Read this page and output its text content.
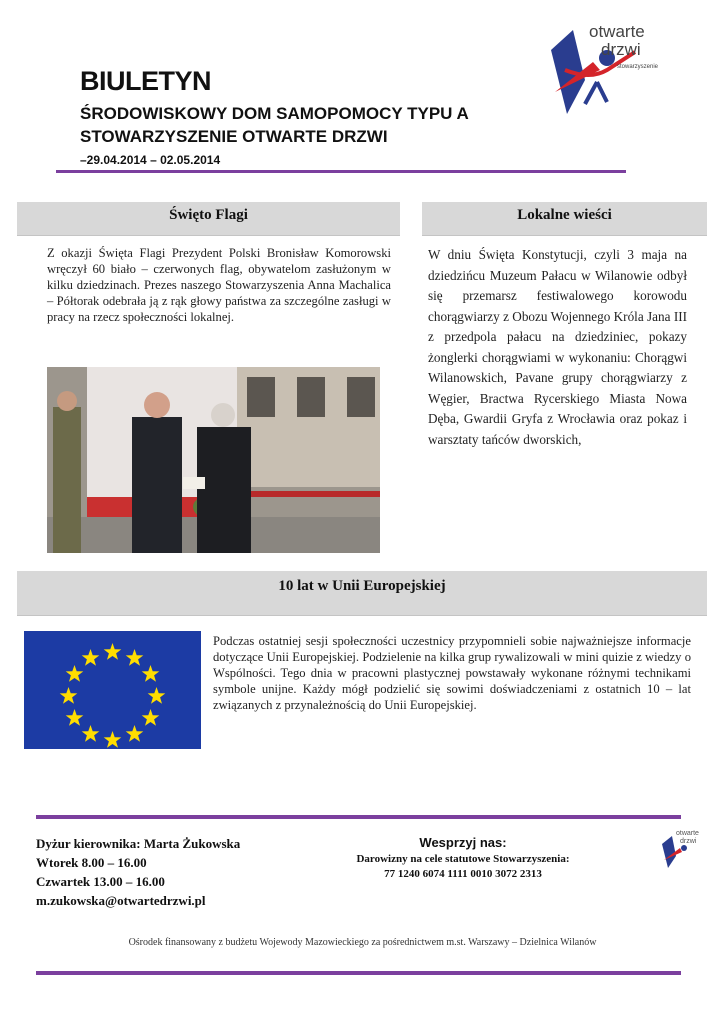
BIULETYN
ŚRODOWISKOWY DOM SAMOPOMOCY TYPU A
STOWARZYSZENIE OTWARTE DRZWI
–29.04.2014 – 02.05.2014
otwarte
drzwi
stowarzyszenie
Święto Flagi
Z okazji Święta Flagi Prezydent Polski Bronisław Komorowski wręczył 60 biało – czerwonych flag, obywatelom zasłużonym w kilku dziedzinach. Prezes naszego Stowarzyszenia Anna Machalica – Półtorak odebrała ją z rąk głowy państwa za szczególne zasługi w pracy na rzecz społeczności lokalnej.
Lokalne wieści
W dniu Święta Konstytucji, czyli 3 maja na dziedzińcu Muzeum Pałacu w Wilanowie odbył się przemarsz festiwalowego korowodu chorągwiarzy z Obozu Wojennego Króla Jana III z przedpola pałacu na dziedziniec, pokazy żonglerki chorągwiami w wykonaniu: Chorągwi Wilanowskich, Pavane grupy chorągwiarzy z Węgier, Bractwa Rycerskiego Miasta Nowa Dęba, Gwardii Gryfa z Wrocławia oraz pokaz i warsztaty tańców dworskich,
10 lat w Unii Europejskiej
Podczas ostatniej sesji społeczności uczestnicy przypomnieli sobie najważniejsze informacje dotyczące Unii Europejskiej. Podzielenie na kilka grup rywalizowali w mini quizie z wiedzy o Wspólności. Tego dnia w pracowni plastycznej powstawały wykonane różnymi technikami symbole unijne. Każdy mógł podzielić się sowimi doświadczeniami z ostatnich 10 – lat związanych z przynależnością do Unii Europejskiej.
Dyżur kierownika: Marta Żukowska
Wtorek 8.00 – 16.00
Czwartek 13.00 – 16.00
m.zukowska@otwartedrzwi.pl
Wesprzyj nas:
Darowizny na cele statutowe Stowarzyszenia:
77 1240 6074 1111 0010 3072 2313
otwarte
drzwi
Ośrodek finansowany z budżetu Wojewody Mazowieckiego za pośrednictwem m.st. Warszawy – Dzielnica Wilanów
